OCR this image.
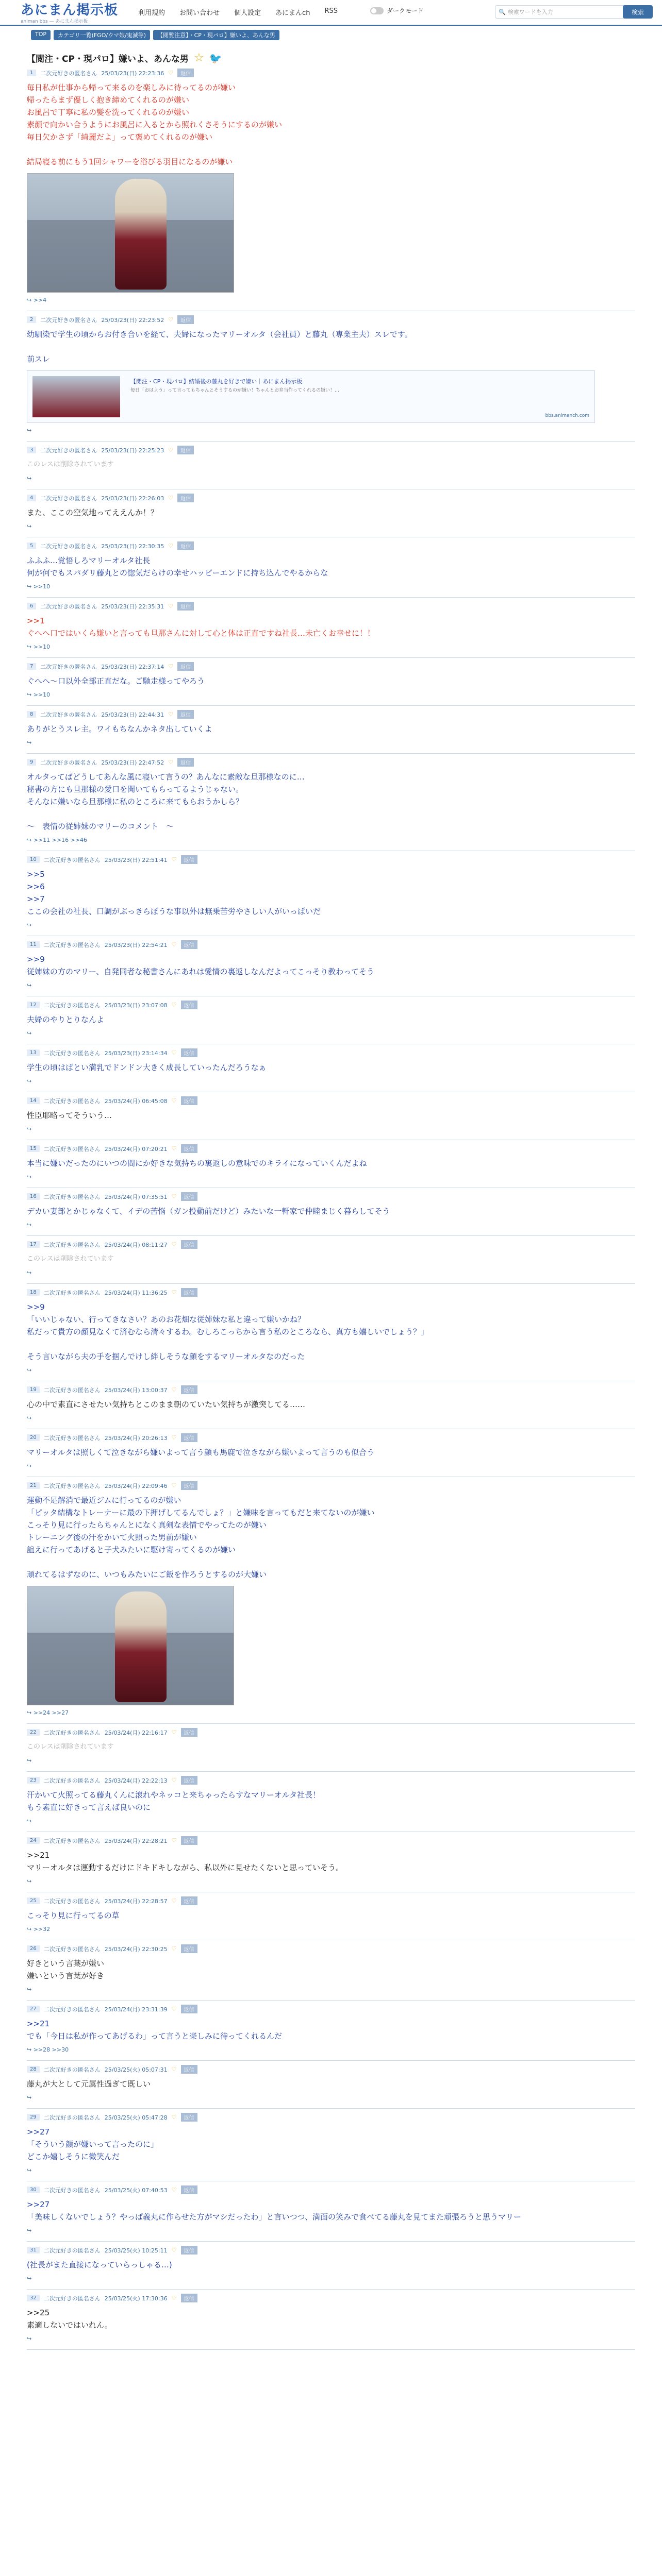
あにまん掲示板
animan bbs — あにまん掲示板
利用規約 お問い合わせ 個人設定 あにまんch RSS	ダークモード	🔍 検索ワードを入力	検索
TOP	カテゴリ一覧(FGO/ウマ娘/鬼滅等)	【閲覧注意】・CP・現パロ】嫌いよ、あんな男
【閲注・CP・現パロ】嫌いよ、あんな男 ☆ 🐦
1	二次元好きの匿名さん 25/03/23(日) 22:23:36 ♡	返信
毎日私が仕事から帰って来るのを楽しみに待ってるのが嫌い
帰ったらまず優しく抱き締めてくれるのが嫌い
お風呂で丁寧に私の髪を洗ってくれるのが嫌い
素顔で向かい合うようにお風呂に入るとから照れくさそうにするのが嫌い
毎日欠かさず「綺麗だよ」って褒めてくれるのが嫌い

結局寝る前にもう1回シャワーを浴びる羽目になるのが嫌い
↪ >>4
2	二次元好きの匿名さん 25/03/23(日) 22:23:52 ♡	返信
幼馴染で学生の頃からお付き合いを経て、夫婦になったマリーオルタ（会社員）と藤丸（専業主夫）スレです。

前スレ
【閲注・CP・現パロ】結婚後の藤丸を好きで嫌い｜あにまん掲示板
毎日「おはよう」って言ってもちゃんとそうするのが嫌い！ちゃんとお弁当作ってくれるの嫌い！…
bbs.animanch.com
↪
3	二次元好きの匿名さん 25/03/23(日) 22:25:23 ♡	返信
このレスは削除されています
↪
4	二次元好きの匿名さん 25/03/23(日) 22:26:03 ♡	返信
また、ここの空気地ってええんか！？
↪
5	二次元好きの匿名さん 25/03/23(日) 22:30:35 ♡	返信
ふふふ…覚悟しろマリーオルタ社長
何が何でもスパダリ藤丸との惚気だらけの幸せハッピーエンドに持ち込んでやるからな
↪ >>10
6	二次元好きの匿名さん 25/03/23(日) 22:35:31 ♡	返信
>>1
ぐへへ口ではいくら嫌いと言っても旦那さんに対して心と体は正直ですね社長…未亡くお幸せに！！
↪ >>10
7	二次元好きの匿名さん 25/03/23(日) 22:37:14 ♡	返信
ぐへへ～口以外全部正直だな。ご馳走様ってやろう
↪ >>10
8	二次元好きの匿名さん 25/03/23(日) 22:44:31 ♡	返信
ありがとうスレ主。ワイもちなんかネタ出していくよ
↪
9	二次元好きの匿名さん 25/03/23(日) 22:47:52 ♡	返信
オルタってばどうしてあんな風に寝いて言うの？あんなに素敵な旦那様なのに…
秘書の方にも旦那様の愛口を聞いてもらってるようじゃない。
そんなに嫌いなら旦那様に私のところに来てもらおうかしら？

〜　表情の従姉妹のマリーのコメント　〜
↪ >>11 >>16 >>46
10	二次元好きの匿名さん 25/03/23(日) 22:51:41 ♡	返信
>>5
>>6
>>7
ここの会社の社長、口調がぶっきらぼうな事以外は無乗苦労やさしい人がいっぱいだ
↪
11	二次元好きの匿名さん 25/03/23(日) 22:54:21 ♡	返信
>>9
従姉妹の方のマリー、自発同者な秘書さんにあれは愛情の裏返しなんだよってこっそり教わってそう
↪
12	二次元好きの匿名さん 25/03/23(日) 23:07:08 ♡	返信
夫婦のやりとりなんよ
↪
13	二次元好きの匿名さん 25/03/23(日) 23:14:34 ♡	返信
学生の頃はばとい満乳でドンドン大きく成長していったんだろうなぁ
↪
14	二次元好きの匿名さん 25/03/24(月) 06:45:08 ♡	返信
性臣耶略ってそういう…
↪
15	二次元好きの匿名さん 25/03/24(月) 07:20:21 ♡	返信
本当に嫌いだったのにいつの間にか好きな気持ちの裏返しの意味でのキライになっていくんだよね
↪
16	二次元好きの匿名さん 25/03/24(月) 07:35:51 ♡	返信
デカい妻部とかじゃなくて、イデの苦悩（ガン投動前だけど）みたいな一軒家で仲睦まじく暮らしてそう
↪
17	二次元好きの匿名さん 25/03/24(月) 08:11:27 ♡	返信
このレスは削除されています
↪
18	二次元好きの匿名さん 25/03/24(月) 11:36:25 ♡	返信
>>9
「いいじゃない、行ってきなさい？あのお花畑な従姉妹な私と違って嫌いかね？
私だって貴方の顔見なくて済むなら清々するわ。むしろこっちから言う私のところなら、真方も嬉しいでしょう？」

そう言いながら夫の手を掴んでけし絆しそうな顔をするマリーオルタなのだった
↪
19	二次元好きの匿名さん 25/03/24(月) 13:00:37 ♡	返信
心の中で素直にさせたい気持ちとこのまま朝のていたい気持ちが激突してる……
↪
20	二次元好きの匿名さん 25/03/24(月) 20:26:13 ♡	返信
マリーオルタは照しくて泣きながら嫌いよって言う顔も馬鹿で泣きながら嫌いよって言うのも似合う
↪
21	二次元好きの匿名さん 25/03/24(月) 22:09:46 ♡	返信
運動不足解消で最近ジムに行ってるのが嫌い
「ピッタ結構なトレーナーに最の下押げしてるんでしょ？」と嫌味を言ってもだと来てないのが嫌い
こっそり見に行ったらちゃんとになく真剣な表情でやってたのが嫌い
トレーニング後の汗をかいて火照った男前が嫌い
誼えに行ってあげると子犬みたいに駆け寄ってくるのが嫌い

頑れてるはずなのに、いつもみたいにご飯を作ろうとするのが大嫌い
↪ >>24 >>27
22	二次元好きの匿名さん 25/03/24(月) 22:16:17 ♡	返信
このレスは削除されています
↪
23	二次元好きの匿名さん 25/03/24(月) 22:22:13 ♡	返信
汗かいて火照ってる藤丸くんに滾れやネッコと来ちゃったらすなマリーオルタ社長！
もう素直に好きって言えば良いのに
↪
24	二次元好きの匿名さん 25/03/24(月) 22:28:21 ♡	返信
>>21
マリーオルタは運動するだけにドキドキしながら、私以外に見せたくないと思っていそう。
↪
25	二次元好きの匿名さん 25/03/24(月) 22:28:57 ♡	返信
こっそり見に行ってるの草
↪ >>32
26	二次元好きの匿名さん 25/03/24(月) 22:30:25 ♡	返信
好きという言葉が嫌い
嫌いという言葉が好き
↪
27	二次元好きの匿名さん 25/03/24(月) 23:31:39 ♡	返信
>>21
でも「今日は私が作ってあげるわ」って言うと楽しみに待ってくれるんだ
↪ >>28 >>30
28	二次元好きの匿名さん 25/03/25(火) 05:07:31 ♡	返信
藤丸が大として元属性過ぎて既しい
↪
29	二次元好きの匿名さん 25/03/25(火) 05:47:28 ♡	返信
>>27
「そういう顔が嫌いって言ったのに」
どこか嬉しそうに微笑んだ
↪
30	二次元好きの匿名さん 25/03/25(火) 07:40:53 ♡	返信
>>27
「美味しくないでしょう？やっぱ義丸に作らせた方がマシだったわ」と言いつつ、満面の笑みで食べてる藤丸を見てまた頑張ろうと思うマリー
↪
31	二次元好きの匿名さん 25/03/25(火) 10:25:11 ♡	返信
(社長がまた直接になっていらっしゃる…)
↪
32	二次元好きの匿名さん 25/03/25(火) 17:30:36 ♡	返信
>>25
素適しないではいれん。
↪
